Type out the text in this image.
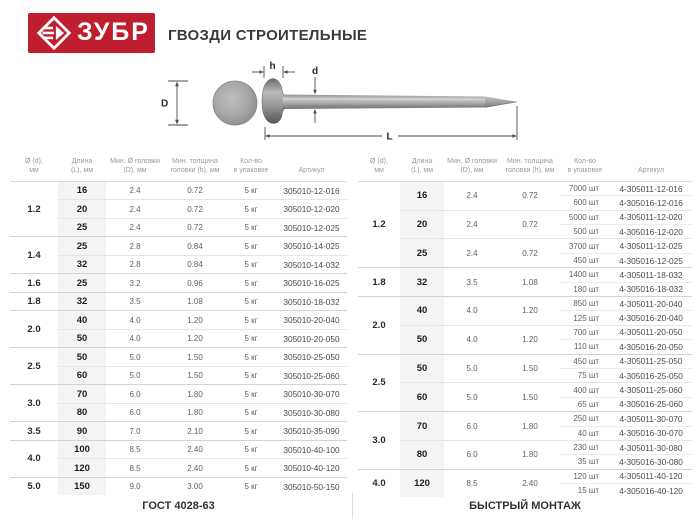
ЗУБР ГВОЗДИ СТРОИТЕЛЬНЫЕ
D
h	d
L
Ø (d),
мм

Длина
(L), мм

Мин. Ø головки
(D), мм

Мин. толщина
головки (h), мм

Кол-во
в упаковке	Артикул

1.2	16	2.4	0.72	5 кг	305010-12-016
	20	2.4	0.72	5 кг	305010-12-020
	25	2.4	0.72	5 кг	305010-12-025
1.4	25	2.8	0.84	5 кг	305010-14-025
	32	2.8	0.84	5 кг	305010-14-032
1.6	25	3.2	0.96	5 кг	305010-16-025
1.8	32	3.5	1.08	5 кг	305010-18-032
2.0	40	4.0	1.20	5 кг	305010-20-040
	50	4.0	1.20	5 кг	305010-20-050
2.5	50	5.0	1.50	5 кг	305010-25-050
	60	5.0	1.50	5 кг	305010-25-060
3.0	70	6.0	1.80	5 кг	305010-30-070
	80	6.0	1.80	5 кг	305010-30-080
3.5	90	7.0	2.10	5 кг	305010-35-090
4.0	100	8.5	2.40	5 кг	305010-40-100
	120	8.5	2.40	5 кг	305010-40-120
5.0	150	9.0	3.00	5 кг	305010-50-150
Ø (d),
мм

Длина
(L), мм

Мин. Ø головки
(D), мм

Мин. толщина
головки (h), мм

Кол-во
в упаковке	Артикул

1.2	16	2.4	0.72	7000 шт	4-305011-12-016
				600 шт	4-305016-12-016
	20	2.4	0.72	5000 шт	4-305011-12-020
				500 шт	4-305016-12-020
	25	2.4	0.72	3700 шт	4-305011-12-025
				450 шт	4-305016-12-025
1.8	32	3.5	1.08	1400 шт	4-305011-18-032
				180 шт	4-305016-18-032
2.0	40	4.0	1.20	850 шт	4-305011-20-040
				125 шт	4-305016-20-040
	50	4.0	1.20	700 шт	4-305011-20-050
				110 шт	4-305016-20-050
2.5	50	5.0	1.50	450 шт	4-305011-25-050
				75 шт	4-305016-25-050
	60	5.0	1.50	400 шт	4-305011-25-060
				65 шт	4-305016-25-060
3.0	70	6.0	1.80	250 шт	4-305011-30-070
				40 шт	4-305016-30-070
	80	6.0	1.80	230 шт	4-305011-30-080
				35 шт	4-305016-30-080
4.0	120	8.5	2.40	120 шт	4-305011-40-120
				15 шт	4-305016-40-120
ГОСТ 4028-63	БЫСТРЫЙ МОНТАЖ
